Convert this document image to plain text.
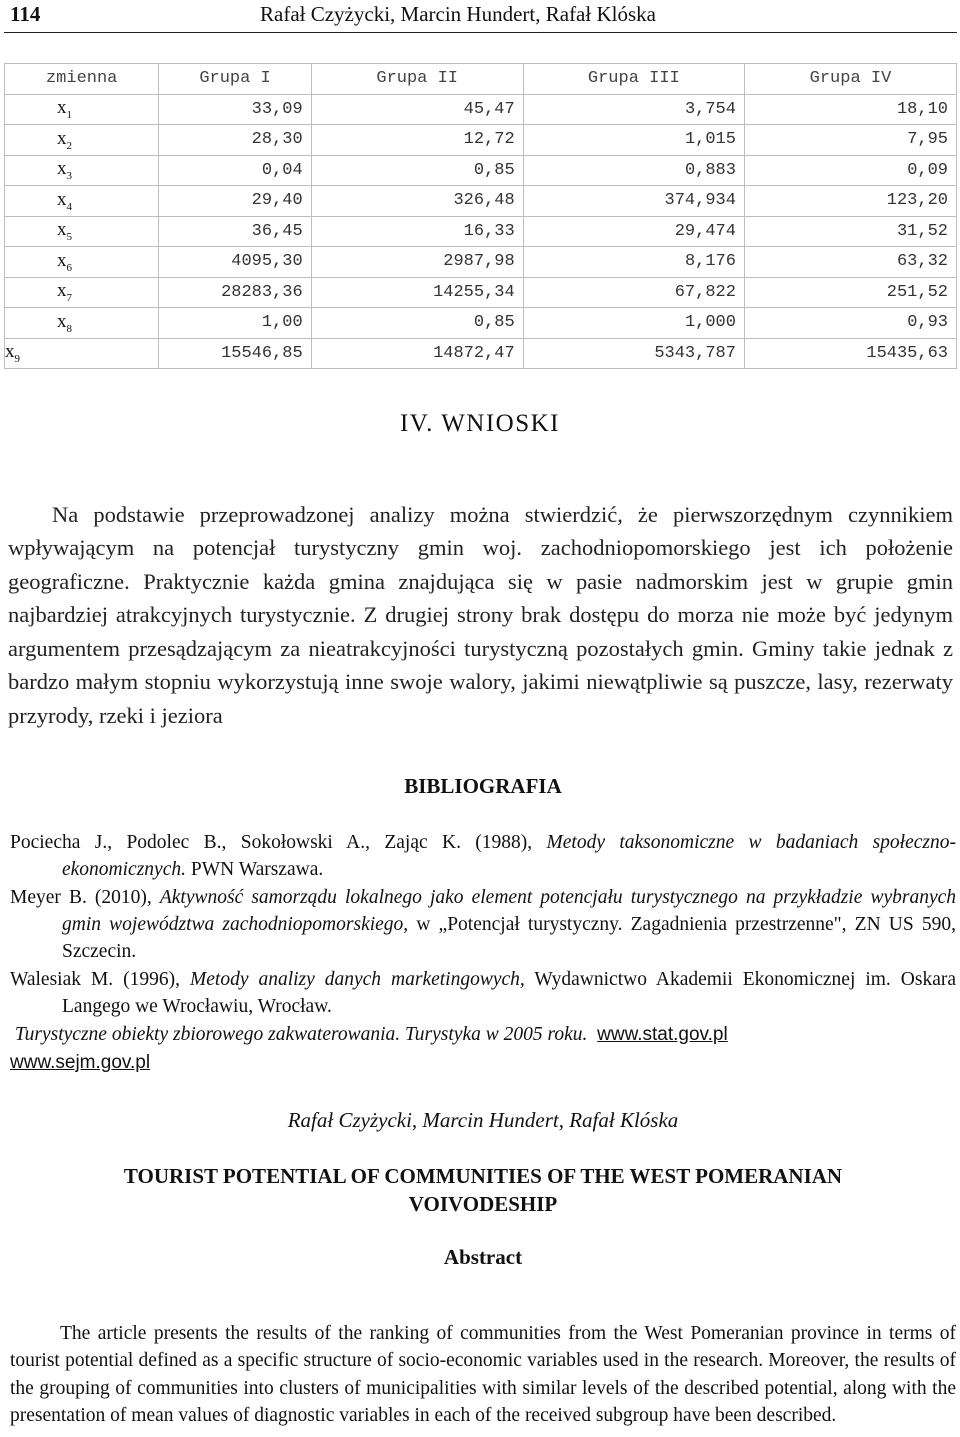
114	Rafał Czyżycki, Marcin Hundert, Rafał Klóska
zmienna	Grupa I	Grupa II	Grupa III	Grupa IV
$x_1$	33,09	45,47	3,754	18,10
$x_2$	28,30	12,72	1,015	7,95
$x_3$	0,04	0,85	0,883	0,09
$x_4$	29,40	326,48	374,934	123,20
$x_5$	36,45	16,33	29,474	31,52
$x_6$	4095,30	2987,98	8,176	63,32
$x_7$	28283,36	14255,34	67,822	251,52
$x_8$	1,00	0,85	1,000	0,93
$x_9$	15546,85	14872,47	5343,787	15435,63
IV. WNIOSKI

Na podstawie przeprowadzonej analizy można stwierdzić, że pierwszorzędnym czynnikiem wpływającym na potencjał turystyczny gmin woj. zachodniopomorskiego jest ich położenie geograficzne. Praktycznie każda gmina znajdująca się w pasie nadmorskim jest w grupie gmin najbardziej atrakcyjnych turystycznie. Z drugiej strony brak dostępu do morza nie może być jedynym argumentem przesądzającym za nieatrakcyjności turystyczną pozostałych gmin. Gminy takie jednak z bardzo małym stopniu wykorzystują inne swoje walory, jakimi niewątpliwie są puszcze, lasy, rezerwaty przyrody, rzeki i jeziora

BIBLIOGRAFIA

Pociecha J., Podolec B., Sokołowski A., Zając K. (1988), Metody taksonomiczne w badaniach społeczno-ekonomicznych. PWN Warszawa.

Meyer B. (2010), Aktywność samorządu lokalnego jako element potencjału turystycznego na przykładzie wybranych gmin województwa zachodniopomorskiego, w „Potencjał turystyczny. Zagadnienia przestrzenne", ZN US 590, Szczecin.

Walesiak M. (1996), Metody analizy danych marketingowych, Wydawnictwo Akademii Ekonomicznej im. Oskara Langego we Wrocławiu, Wrocław.

Turystyczne obiekty zbiorowego zakwaterowania. Turystyka w 2005 roku. www.stat.gov.pl

www.sejm.gov.pl

Rafał Czyżycki, Marcin Hundert, Rafał Klóska
TOURIST POTENTIAL OF COMMUNITIES OF THE WEST POMERANIAN VOIVODESHIP
Abstract

The article presents the results of the ranking of communities from the West Pomeranian province in terms of tourist potential defined as a specific structure of socio-economic variables used in the research. Moreover, the results of the grouping of communities into clusters of municipalities with similar levels of the described potential, along with the presentation of mean values of diagnostic variables in each of the received subgroup have been described.
